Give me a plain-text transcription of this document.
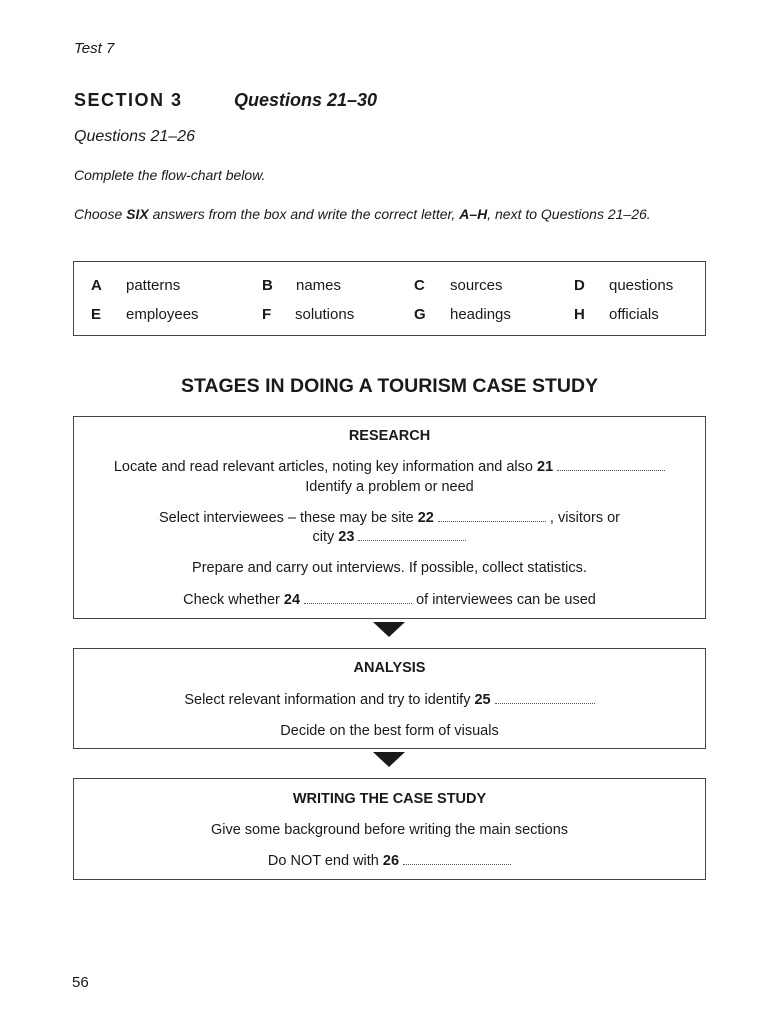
Test 7
SECTION 3	Questions 21–30
Questions 21–26
Complete the flow-chart below.
Choose SIX answers from the box and write the correct letter, A–H, next to Questions 21–26.
A patterns	B names	C sources	D questions
E employees	F solutions	G headings	H officials
STAGES IN DOING A TOURISM CASE STUDY
RESEARCH
Locate and read relevant articles, noting key information and also 21
Identify a problem or need
Select interviewees – these may be site 22	, visitors or
city 23
Prepare and carry out interviews. If possible, collect statistics.
Check whether 24	of interviewees can be used
ANALYSIS
Select relevant information and try to identify 25
Decide on the best form of visuals
WRITING THE CASE STUDY
Give some background before writing the main sections
Do NOT end with 26
56
